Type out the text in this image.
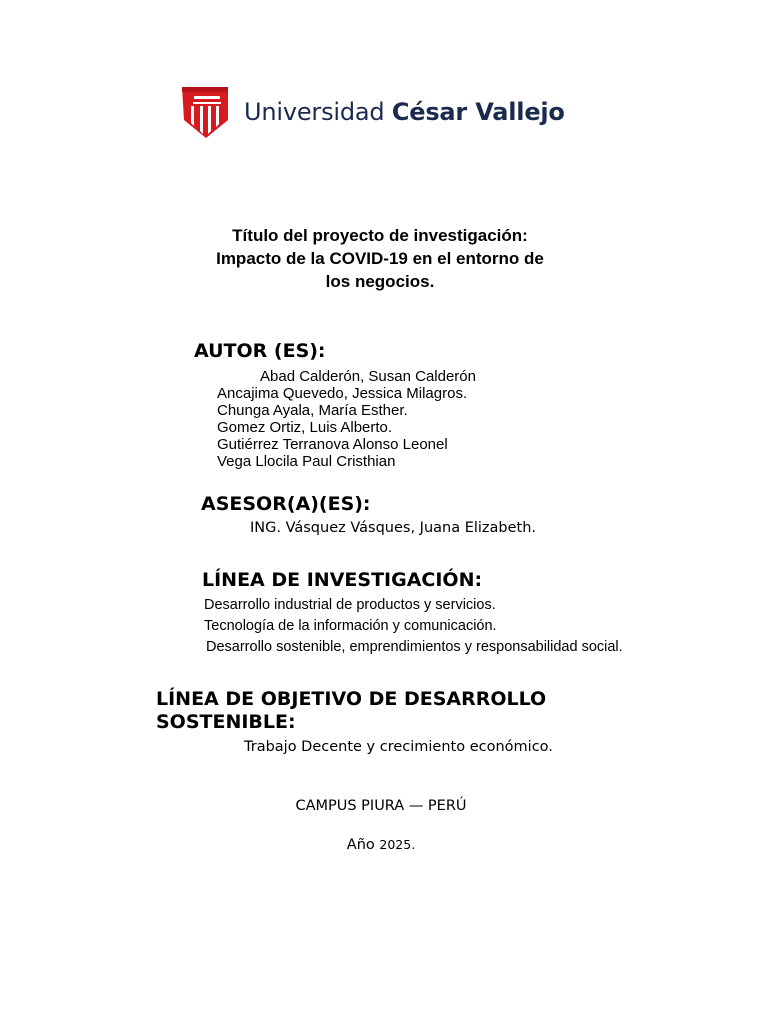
Universidad César Vallejo
Título del proyecto de investigación:
Impacto de la COVID-19 en el entorno de
los negocios.
AUTOR (ES):
Abad Calderón, Susan Calderón
Ancajima Quevedo, Jessica Milagros.
Chunga Ayala, María Esther.
Gomez Ortiz, Luis Alberto.
Gutiérrez Terranova Alonso Leonel
Vega Llocila Paul Cristhian
ASESOR(A)(ES):
ING. Vásquez Vásques, Juana Elizabeth.
LÍNEA DE INVESTIGACIÓN:
Desarrollo industrial de productos y servicios.
Tecnología de la información y comunicación.
Desarrollo sostenible, emprendimientos y responsabilidad social.
LÍNEA DE OBJETIVO DE DESARROLLO
SOSTENIBLE:
Trabajo Decente y crecimiento económico.
CAMPUS PIURA — PERÚ
Año 2025.
